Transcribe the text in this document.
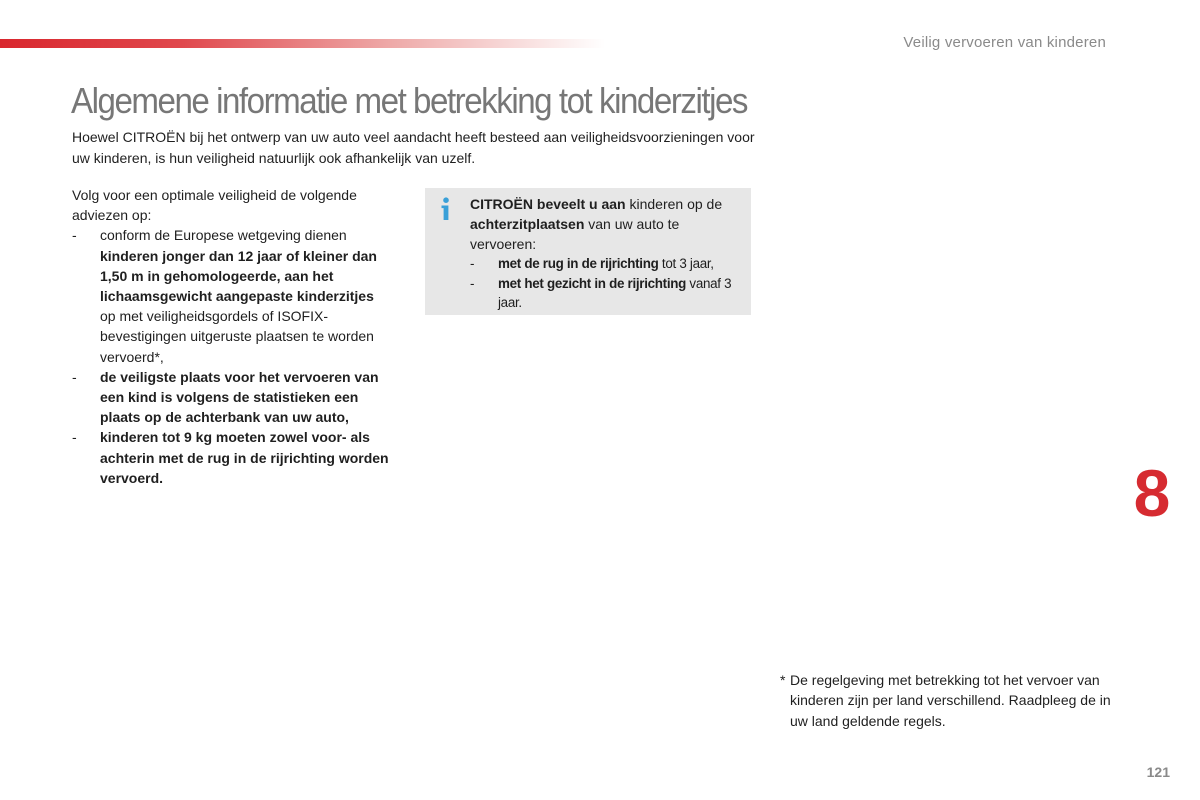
Veilig vervoeren van kinderen
Algemene informatie met betrekking tot kinderzitjes

Hoewel CITROËN bij het ontwerp van uw auto veel aandacht heeft besteed aan veiligheidsvoorzieningen voor uw kinderen, is hun veiligheid natuurlijk ook afhankelijk van uzelf.

Volg voor een optimale veiligheid de volgende adviezen op:

- conform de Europese wetgeving dienen kinderen jonger dan 12 jaar of kleiner dan 1,50 m in gehomologeerde, aan het lichaamsgewicht aangepaste kinderzitjes op met veiligheidsgordels of ISOFIX-bevestigingen uitgeruste plaatsen te worden vervoerd*,
- de veiligste plaats voor het vervoeren van een kind is volgens de statistieken een plaats op de achterbank van uw auto,
- kinderen tot 9 kg moeten zowel voor- als achterin met de rug in de rijrichting worden vervoerd.

CITROËN beveelt u aan kinderen op de achterzitplaatsen van uw auto te vervoeren:

- met de rug in de rijrichting tot 3 jaar,
- met het gezicht in de rijrichting vanaf 3 jaar.
8

* De regelgeving met betrekking tot het vervoer van kinderen zijn per land verschillend. Raadpleeg de in uw land geldende regels.

121
